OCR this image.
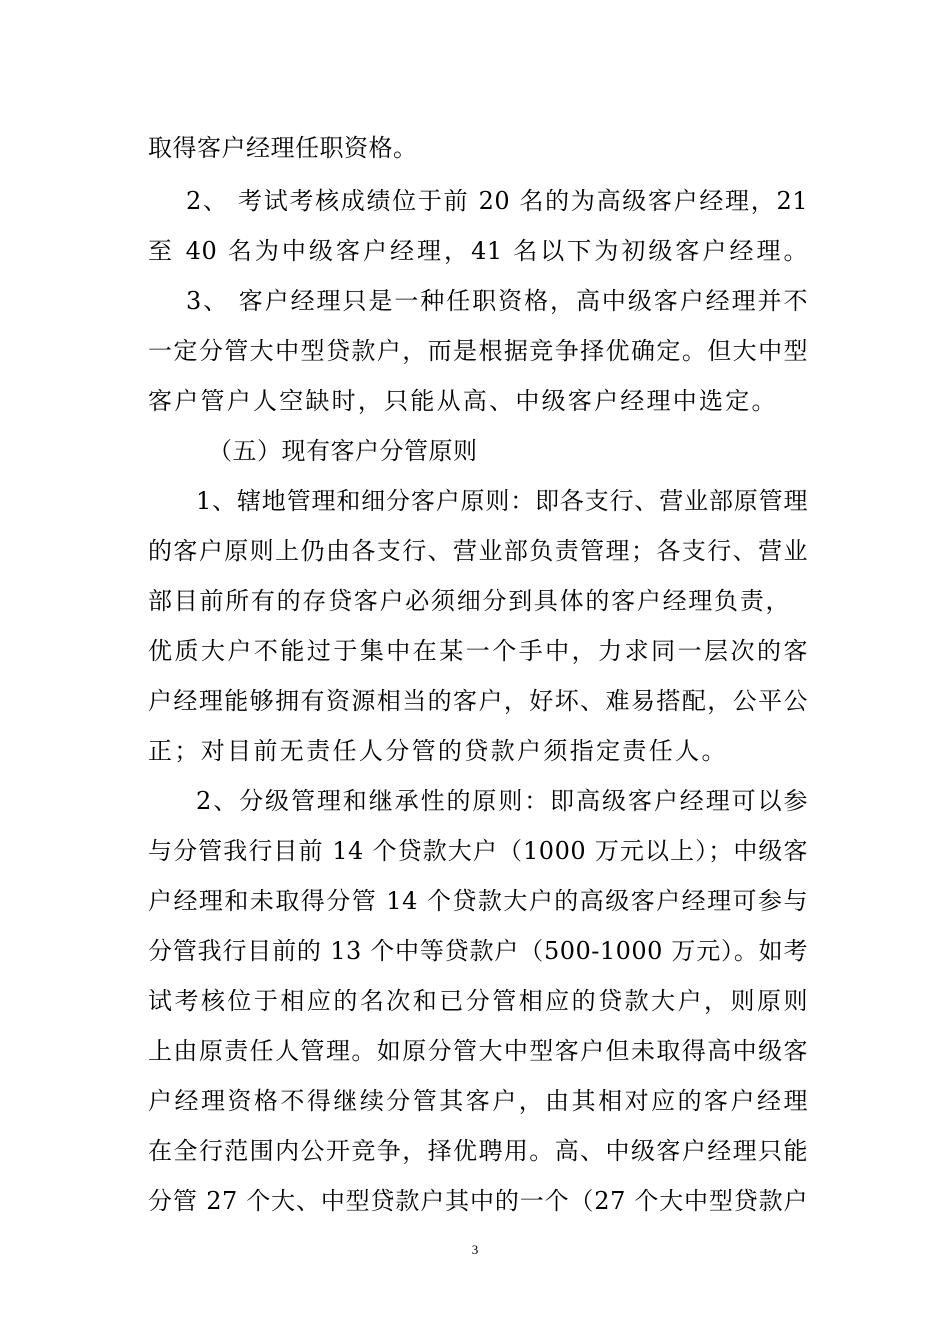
取得客户经理任职资格。
2、 考试考核成绩位于前 20 名的为高级客户经理，21
至 40 名为中级客户经理，41 名以下为初级客户经理。
3、 客户经理只是一种任职资格，高中级客户经理并不
一定分管大中型贷款户，而是根据竞争择优确定。但大中型
客户管户人空缺时，只能从高、中级客户经理中选定。
（五）现有客户分管原则
1、辖地管理和细分客户原则：即各支行、营业部原管理
的客户原则上仍由各支行、营业部负责管理；各支行、营业
部目前所有的存贷客户必须细分到具体的客户经理负责，
优质大户不能过于集中在某一个手中，力求同一层次的客
户经理能够拥有资源相当的客户，好坏、难易搭配，公平公
正；对目前无责任人分管的贷款户须指定责任人。
2、分级管理和继承性的原则：即高级客户经理可以参
与分管我行目前 14 个贷款大户（1000 万元以上）；中级客
户经理和未取得分管 14 个贷款大户的高级客户经理可参与
分管我行目前的 13 个中等贷款户（500-1000 万元）。如考
试考核位于相应的名次和已分管相应的贷款大户，则原则
上由原责任人管理。如原分管大中型客户但未取得高中级客
户经理资格不得继续分管其客户，由其相对应的客户经理
在全行范围内公开竞争，择优聘用。高、中级客户经理只能
分管 27 个大、中型贷款户其中的一个（27 个大中型贷款户
3
